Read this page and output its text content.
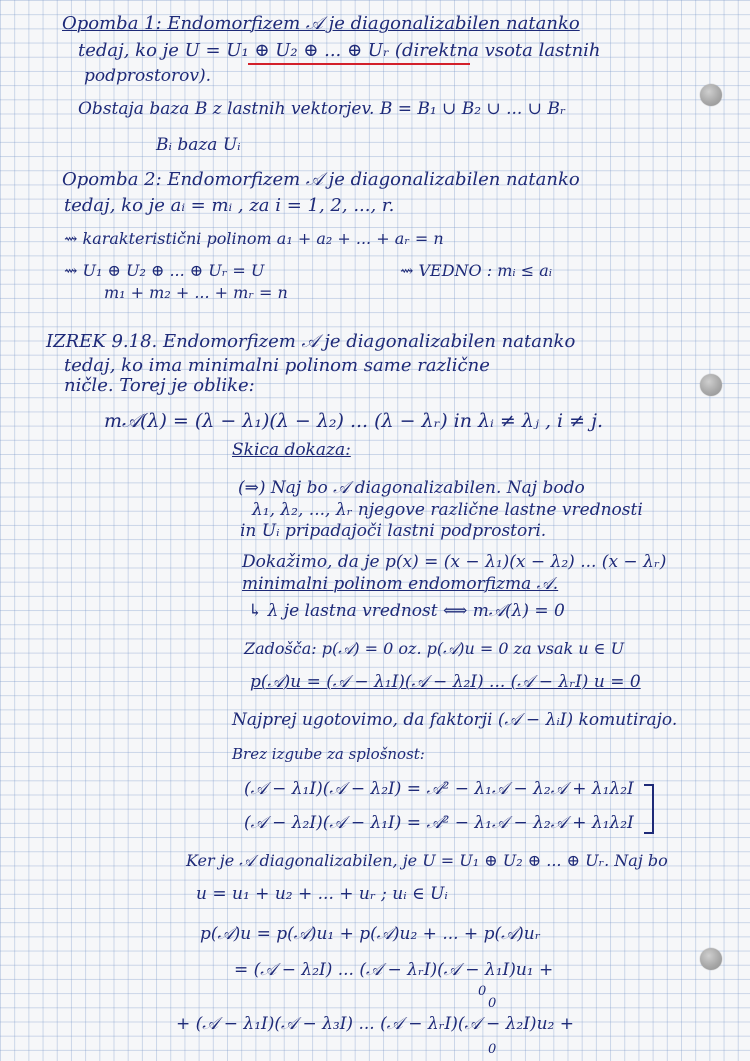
Opomba 1: Endomorfizem 𝒜 je diagonalizabilen natanko
tedaj, ko je U = U₁ ⊕ U₂ ⊕ ... ⊕ Uᵣ (direktna vsota lastnih
podprostorov).
Obstaja baza B z lastnih vektorjev. B = B₁ ∪ B₂ ∪ ... ∪ Bᵣ
Bᵢ baza Uᵢ
Opomba 2: Endomorfizem 𝒜 je diagonalizabilen natanko
tedaj, ko je aᵢ = mᵢ , za i = 1, 2, ..., r.
⇝ karakteristični polinom a₁ + a₂ + ... + aᵣ = n
⇝ U₁ ⊕ U₂ ⊕ ... ⊕ Uᵣ = U	⇝ VEDNO : mᵢ ≤ aᵢ
m₁ + m₂ + ... + mᵣ = n
IZREK 9.18. Endomorfizem 𝒜 je diagonalizabilen natanko
tedaj, ko ima minimalni polinom same različne
ničle. Torej je oblike:
m𝒜(λ) = (λ − λ₁)(λ − λ₂) ... (λ − λᵣ) in λᵢ ≠ λⱼ , i ≠ j.
Skica dokaza:
(⇒) Naj bo 𝒜 diagonalizabilen. Naj bodo
λ₁, λ₂, ..., λᵣ njegove različne lastne vrednosti
in Uᵢ pripadajoči lastni podprostori.
Dokažimo, da je p(x) = (x − λ₁)(x − λ₂) ... (x − λᵣ)
minimalni polinom endomorfizma 𝒜.
↳ λ je lastna vrednost ⟺ m𝒜(λ) = 0
Zadošča: p(𝒜) = 0 oz. p(𝒜)u = 0 za vsak u ∈ U
p(𝒜)u = (𝒜 − λ₁I)(𝒜 − λ₂I) ... (𝒜 − λᵣI) u = 0
Najprej ugotovimo, da faktorji (𝒜 − λᵢI) komutirajo.
Brez izgube za splošnost:
(𝒜 − λ₁I)(𝒜 − λ₂I) = 𝒜² − λ₁𝒜 − λ₂𝒜 + λ₁λ₂I
(𝒜 − λ₂I)(𝒜 − λ₁I) = 𝒜² − λ₁𝒜 − λ₂𝒜 + λ₁λ₂I
Ker je 𝒜 diagonalizabilen, je U = U₁ ⊕ U₂ ⊕ ... ⊕ Uᵣ. Naj bo
u = u₁ + u₂ + ... + uᵣ ; uᵢ ∈ Uᵢ
p(𝒜)u = p(𝒜)u₁ + p(𝒜)u₂ + ... + p(𝒜)uᵣ
= (𝒜 − λ₂I) ... (𝒜 − λᵣI)(𝒜 − λ₁I)u₁ +
0
+ (𝒜 − λ₁I)(𝒜 − λ₃I) ... (𝒜 − λᵣI)(𝒜 − λ₂I)u₂ +
0
0
